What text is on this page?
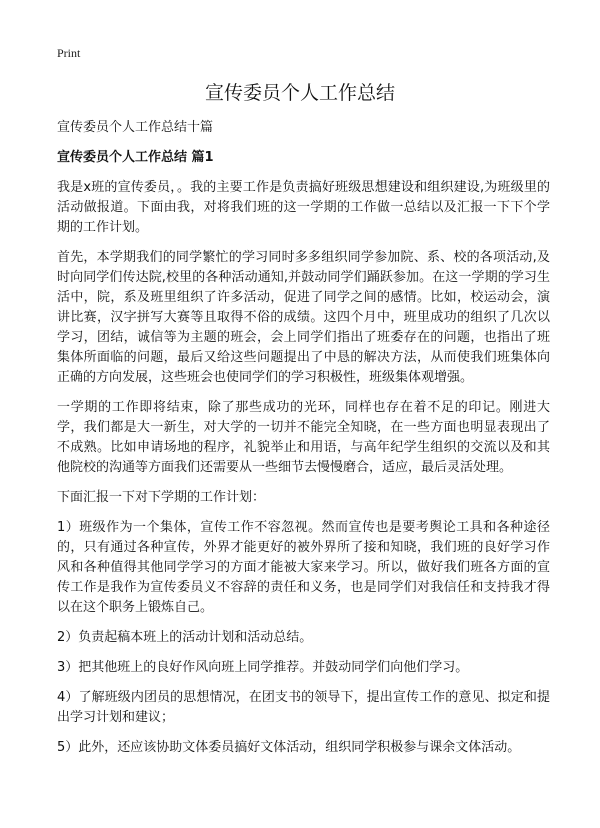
Print
宣传委员个人工作总结

宣传委员个人工作总结十篇

宣传委员个人工作总结 篇1

我是x班的宣传委员，。我的主要工作是负责搞好班级思想建设和组织建设,为班级里的活动做报道。下面由我，对将我们班的这一学期的工作做一总结以及汇报一下下个学期的工作计划。

首先，本学期我们的同学繁忙的学习同时多多组织同学参加院、系、校的各项活动,及时向同学们传达院,校里的各种活动通知,并鼓动同学们踊跃参加。在这一学期的学习生活中，院，系及班里组织了许多活动，促进了同学之间的感情。比如，校运动会，演讲比赛，汉字拼写大赛等且取得不俗的成绩。这四个月中，班里成功的组织了几次以学习，团结，诚信等为主题的班会，会上同学们指出了班委存在的问题，也指出了班集体所面临的问题，最后又给这些问题提出了中恳的解决方法，从而使我们班集体向正确的方向发展，这些班会也使同学们的学习积极性，班级集体观增强。

一学期的工作即将结束，除了那些成功的光环，同样也存在着不足的印记。刚进大学，我们都是大一新生，对大学的一切并不能完全知晓，在一些方面也明显表现出了不成熟。比如申请场地的程序，礼貌举止和用语，与高年纪学生组织的交流以及和其他院校的沟通等方面我们还需要从一些细节去慢慢磨合，适应，最后灵活处理。

下面汇报一下对下学期的工作计划：

1）班级作为一个集体，宣传工作不容忽视。然而宣传也是要考舆论工具和各种途径的，只有通过各种宣传，外界才能更好的被外界所了接和知晓，我们班的良好学习作风和各种值得其他同学学习的方面才能被大家来学习。所以，做好我们班各方面的宣传工作是我作为宣传委员义不容辞的责任和义务，也是同学们对我信任和支持我才得以在这个职务上锻炼自己。

2）负责起稿本班上的活动计划和活动总结。

3）把其他班上的良好作风向班上同学推荐。并鼓动同学们向他们学习。

4）了解班级内团员的思想情况，在团支书的领导下，提出宣传工作的意见、拟定和提出学习计划和建议；

5）此外，还应该协助文体委员搞好文体活动，组织同学积极参与课余文体活动。
